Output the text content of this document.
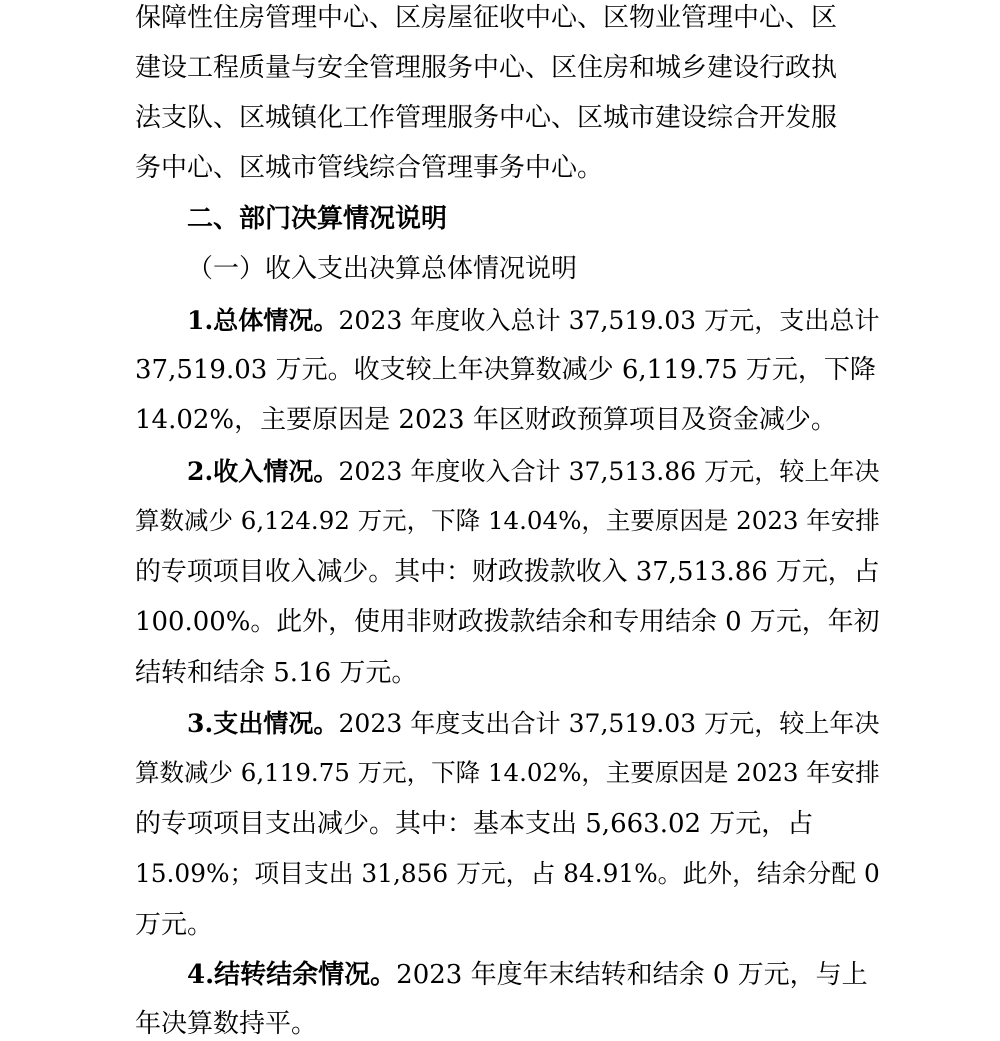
保障性住房管理中心、区房屋征收中心、区物业管理中心、区
建设工程质量与安全管理服务中心、区住房和城乡建设行政执
法支队、区城镇化工作管理服务中心、区城市建设综合开发服
务中心、区城市管线综合管理事务中心。
二、部门决算情况说明
（一）收入支出决算总体情况说明
1.总体情况。2023 年度收入总计 37,519.03 万元，支出总计
37,519.03 万元。收支较上年决算数减少 6,119.75 万元，下降
14.02%，主要原因是 2023 年区财政预算项目及资金减少。
2.收入情况。2023 年度收入合计 37,513.86 万元，较上年决
算数减少 6,124.92 万元，下降 14.04%，主要原因是 2023 年安排
的专项项目收入减少。其中：财政拨款收入 37,513.86 万元，占
100.00%。此外，使用非财政拨款结余和专用结余 0 万元，年初
结转和结余 5.16 万元。
3.支出情况。2023 年度支出合计 37,519.03 万元，较上年决
算数减少 6,119.75 万元，下降 14.02%，主要原因是 2023 年安排
的专项项目支出减少。其中：基本支出 5,663.02 万元，占
15.09%；项目支出 31,856 万元，占 84.91%。此外，结余分配 0
万元。
4.结转结余情况。2023 年度年末结转和结余 0 万元，与上
年决算数持平。
